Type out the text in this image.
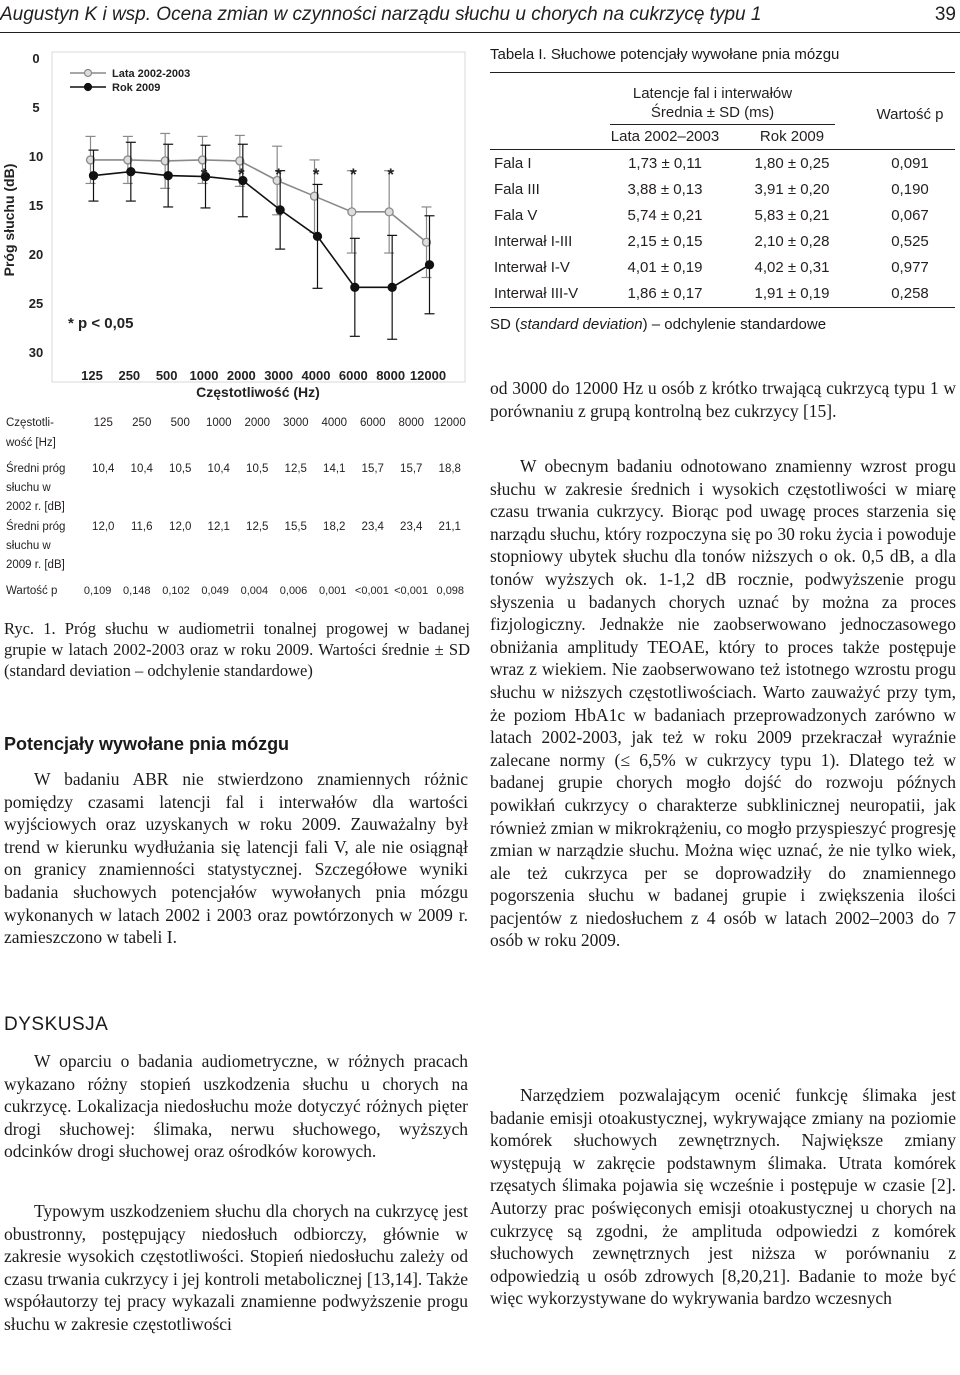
Augustyn K i wsp. Ocena zmian w czynności narządu słuchu u chorych na cukrzycę typu 1	39
Próg słuchu (dB)
Częstotliwość (Hz)
0
5
10
15
20
25
30
125 250 500 1000 2000 3000 4000 6000 8000 12000
* * * * * *
Lata 2002-2003
Rok 2009
* p < 0,05
Częstotli-
wość [Hz]
125	250	500	1000	2000	3000	4000	6000	8000 12000
Średni próg
słuchu w
2002 r. [dB]
10,4	10,4	10,5	10,4	10,5	12,5	14,1	15,7	15,7	18,8
Średni próg
słuchu w
2009 r. [dB]
12,0	11,6	12,0	12,1	12,5	15,5	18,2	23,4	23,4	21,1
Wartość p	0,109	0,148	0,102	0,049	0,004	0,006	0,001 <0,001 <0,001 0,098
Ryc. 1. Próg słuchu w audiometrii tonalnej progowej w badanej grupie w latach 2002-2003 oraz w roku 2009. Wartości średnie ± SD (standard deviation – odchylenie standardowe)
Potencjały wywołane pnia mózgu
W badaniu ABR nie stwierdzono znamiennych różnic pomiędzy czasami latencji fal i interwałów dla wartości wyjściowych oraz uzyskanych w roku 2009. Zauważalny był trend w kierunku wydłużania się latencji fali V, ale nie osiągnął on granicy znamienności statystycznej. Szczegółowe wyniki badania słuchowych potencjałów wywołanych pnia mózgu wykonanych w latach 2002 i 2003 oraz powtórzonych w 2009 r. zamieszczono w tabeli I.
DYSKUSJA
W oparciu o badania audiometryczne, w różnych pracach wykazano różny stopień uszkodzenia słuchu u chorych na cukrzycę. Lokalizacja niedosłuchu może dotyczyć różnych pięter drogi słuchowej: ślimaka, nerwu słuchowego, wyższych odcinków drogi słuchowej oraz ośrodków korowych.
Typowym uszkodzeniem słuchu dla chorych na cukrzycę jest obustronny, postępujący niedosłuch odbiorczy, głównie w zakresie wysokich częstotliwości. Stopień niedosłuchu zależy od czasu trwania cukrzycy i jej kontroli metabolicznej [13,14]. Także współautorzy tej pracy wykazali znamienne podwyższenie progu słuchu w zakresie częstotliwości
Tabela I. Słuchowe potencjały wywołane pnia mózgu
Latencje fal i interwałów
Średnia ± SD (ms)	Wartość p
Lata 2002–2003	Rok 2009
Fala I	1,73 ± 0,11	1,80 ± 0,25	0,091
Fala III	3,88 ± 0,13	3,91 ± 0,20	0,190
Fala V	5,74 ± 0,21	5,83 ± 0,21	0,067
Interwał I-III	2,15 ± 0,15	2,10 ± 0,28	0,525
Interwał I-V	4,01 ± 0,19	4,02 ± 0,31	0,977
Interwał III-V	1,86 ± 0,17	1,91 ± 0,19	0,258
SD (standard deviation) – odchylenie standardowe
od 3000 do 12000 Hz u osób z krótko trwającą cukrzycą typu 1 w porównaniu z grupą kontrolną bez cukrzycy [15].
W obecnym badaniu odnotowano znamienny wzrost progu słuchu w zakresie średnich i wysokich częstotliwości w miarę czasu trwania cukrzycy. Biorąc pod uwagę proces starzenia się narządu słuchu, który rozpoczyna się po 30 roku życia i powoduje stopniowy ubytek słuchu dla tonów niższych o ok. 0,5 dB, a dla tonów wyższych ok. 1-1,2 dB rocznie, podwyższenie progu słyszenia u badanych chorych uznać by można za proces fizjologiczny. Jednakże nie zaobserwowano jednoczasowego obniżania amplitudy TEOAE, który to proces także postępuje wraz z wiekiem. Nie zaobserwowano też istotnego wzrostu progu słuchu w niższych częstotliwościach. Warto zauważyć przy tym, że poziom HbA1c w badaniach przeprowadzonych zarówno w latach 2002-2003, jak też w roku 2009 przekraczał wyraźnie zalecane normy (≤ 6,5% w cukrzycy typu 1). Dlatego też w badanej grupie chorych mogło dojść do rozwoju późnych powikłań cukrzycy o charakterze subklinicznej neuropatii, jak również zmian w mikrokrążeniu, co mogło przyspieszyć progresję zmian w narządzie słuchu. Można więc uznać, że nie tylko wiek, ale też cukrzyca per se doprowadziły do znamiennego pogorszenia słuchu w badanej grupie i zwiększenia ilości pacjentów z niedosłuchem z 4 osób w latach 2002–2003 do 7 osób w roku 2009.
Narzędziem pozwalającym ocenić funkcję ślimaka jest badanie emisji otoakustycznej, wykrywające zmiany na poziomie komórek słuchowych zewnętrznych. Największe zmiany występują w zakręcie podstawnym ślimaka. Utrata komórek rzęsatych ślimaka pojawia się wcześnie i postępuje w czasie [2]. Autorzy prac poświęconych emisji otoakustycznej u chorych na cukrzycę są zgodni, że amplituda odpowiedzi z komórek słuchowych zewnętrznych jest niższa w porównaniu z odpowiedzią u osób zdrowych [8,20,21]. Badanie to może być więc wykorzystywane do wykrywania bardzo wczesnych
